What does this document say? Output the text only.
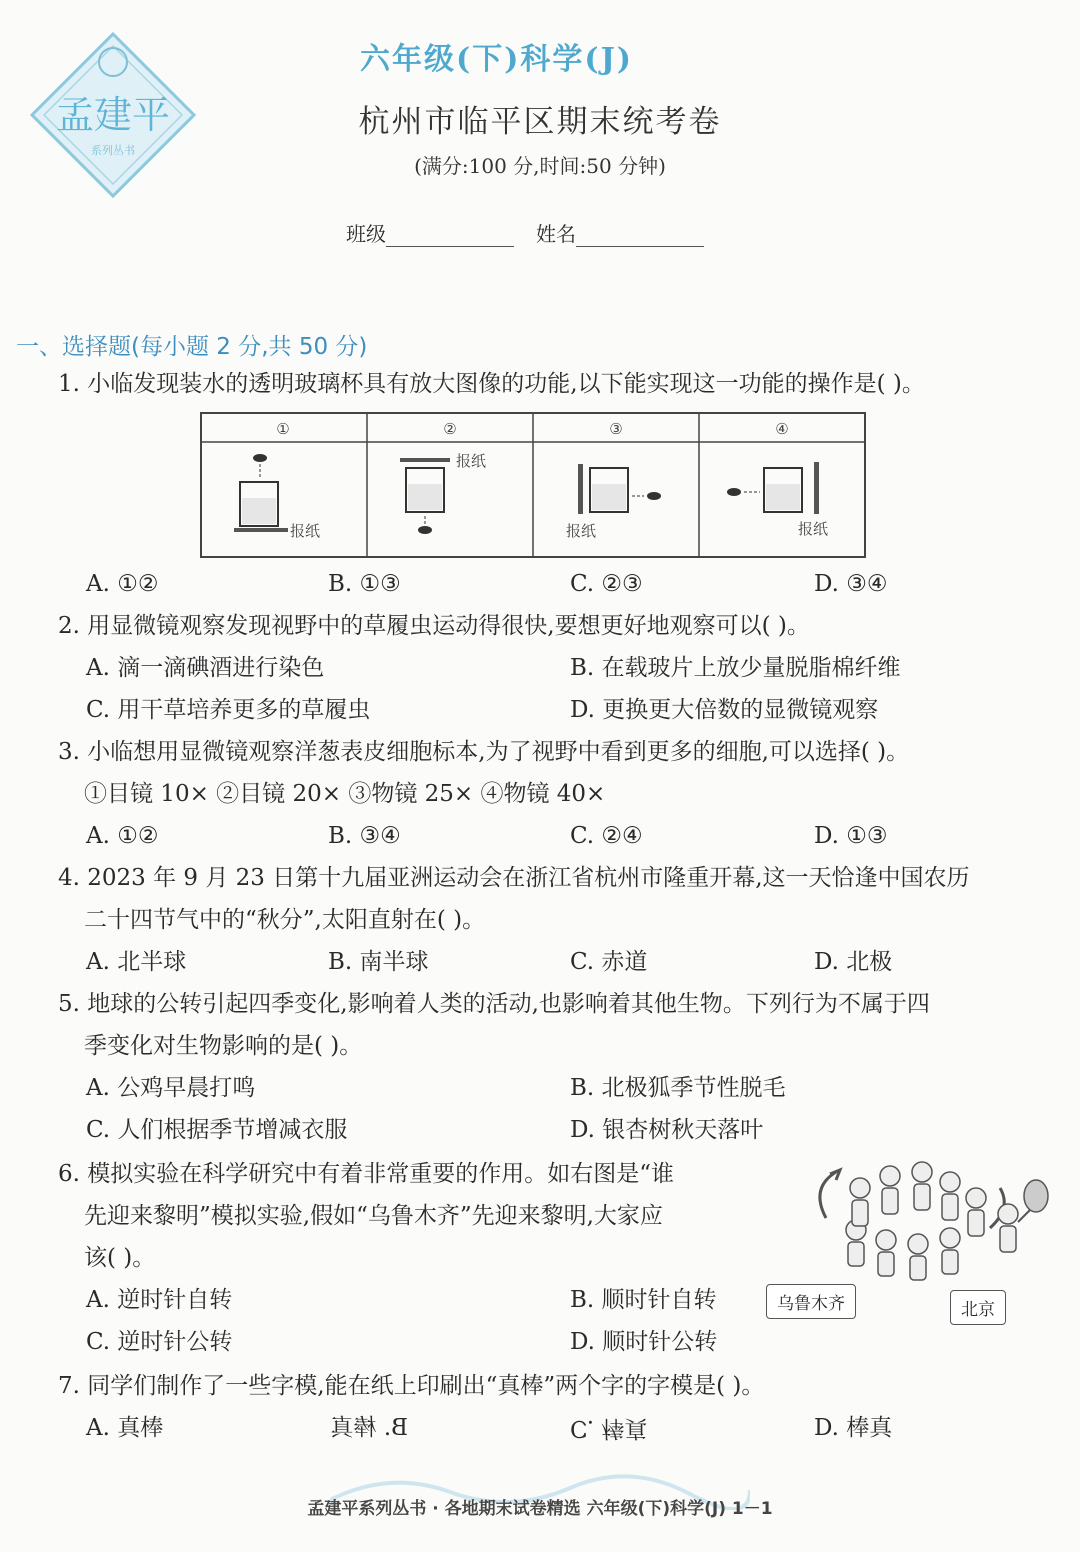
孟建平
系列丛书
六年级(下)科学(J)
杭州市临平区期末统考卷
(满分:100 分,时间:50 分钟)
班级	姓名
一、选择题(每小题 2 分,共 50 分)
1. 小临发现装水的透明玻璃杯具有放大图像的功能,以下能实现这一功能的操作是( )。
①	②	③	④
报纸
报纸
报纸	报纸
A. ①②	B. ①③	C. ②③	D. ③④
2. 用显微镜观察发现视野中的草履虫运动得很快,要想更好地观察可以( )。
A. 滴一滴碘酒进行染色	B. 在载玻片上放少量脱脂棉纤维
C. 用干草培养更多的草履虫	D. 更换更大倍数的显微镜观察
3. 小临想用显微镜观察洋葱表皮细胞标本,为了视野中看到更多的细胞,可以选择( )。
①目镜 10× ②目镜 20× ③物镜 25× ④物镜 40×
A. ①②	B. ③④	C. ②④	D. ①③
4. 2023 年 9 月 23 日第十九届亚洲运动会在浙江省杭州市隆重开幕,这一天恰逢中国农历
二十四节气中的“秋分”,太阳直射在( )。
A. 北半球	B. 南半球	C. 赤道	D. 北极
5. 地球的公转引起四季变化,影响着人类的活动,也影响着其他生物。下列行为不属于四
季变化对生物影响的是( )。
A. 公鸡早晨打鸣	B. 北极狐季节性脱毛
C. 人们根据季节增减衣服	D. 银杏树秋天落叶
6. 模拟实验在科学研究中有着非常重要的作用。如右图是“谁
先迎来黎明”模拟实验,假如“乌鲁木齐”先迎来黎明,大家应
该( )。
A. 逆时针自转	B. 顺时针自转
C. 逆时针公转	D. 顺时针公转
乌鲁木齐	北京
7. 同学们制作了一些字模,能在纸上印刷出“真棒”两个字的字模是( )。
A. 真棒	B. 棒真	C. 棒真	D. 棒真
孟建平系列丛书 · 各地期末试卷精选 六年级(下)科学(J) 1－1
